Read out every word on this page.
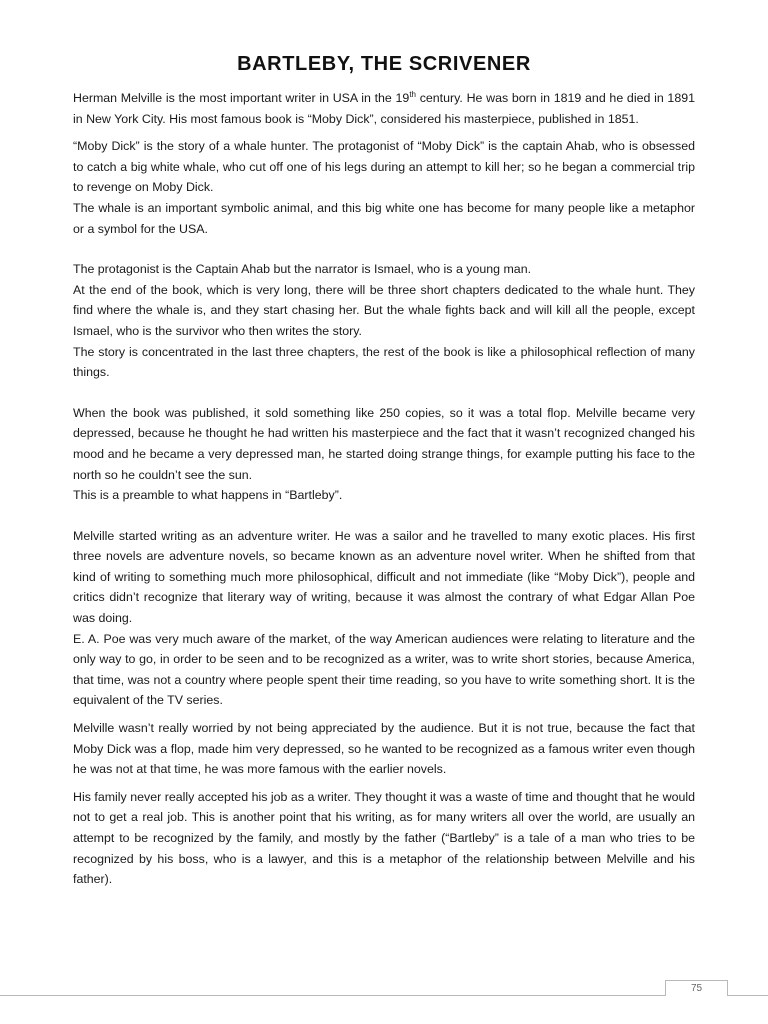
BARTLEBY, THE SCRIVENER

Herman Melville is the most important writer in USA in the 19th century. He was born in 1819 and he died in 1891 in New York City. His most famous book is “Moby Dick”, considered his masterpiece, published in 1851.

“Moby Dick” is the story of a whale hunter. The protagonist of “Moby Dick” is the captain Ahab, who is obsessed to catch a big white whale, who cut off one of his legs during an attempt to kill her; so he began a commercial trip to revenge on Moby Dick.

The whale is an important symbolic animal, and this big white one has become for many people like a metaphor or a symbol for the USA.

The protagonist is the Captain Ahab but the narrator is Ismael, who is a young man.

At the end of the book, which is very long, there will be three short chapters dedicated to the whale hunt. They find where the whale is, and they start chasing her. But the whale fights back and will kill all the people, except Ismael, who is the survivor who then writes the story.

The story is concentrated in the last three chapters, the rest of the book is like a philosophical reflection of many things.

When the book was published, it sold something like 250 copies, so it was a total flop. Melville became very depressed, because he thought he had written his masterpiece and the fact that it wasn’t recognized changed his mood and he became a very depressed man, he started doing strange things, for example putting his face to the north so he couldn’t see the sun.

This is a preamble to what happens in “Bartleby”.

Melville started writing as an adventure writer. He was a sailor and he travelled to many exotic places. His first three novels are adventure novels, so became known as an adventure novel writer. When he shifted from that kind of writing to something much more philosophical, difficult and not immediate (like “Moby Dick”), people and critics didn’t recognize that literary way of writing, because it was almost the contrary of what Edgar Allan Poe was doing.

E. A. Poe was very much aware of the market, of the way American audiences were relating to literature and the only way to go, in order to be seen and to be recognized as a writer, was to write short stories, because America, that time, was not a country where people spent their time reading, so you have to write something short. It is the equivalent of the TV series.

Melville wasn’t really worried by not being appreciated by the audience. But it is not true, because the fact that Moby Dick was a flop, made him very depressed, so he wanted to be recognized as a famous writer even though he was not at that time, he was more famous with the earlier novels.

His family never really accepted his job as a writer. They thought it was a waste of time and thought that he would not to get a real job. This is another point that his writing, as for many writers all over the world, are usually an attempt to be recognized by the family, and mostly by the father (“Bartleby” is a tale of a man who tries to be recognized by his boss, who is a lawyer, and this is a metaphor of the relationship between Melville and his father).

75
